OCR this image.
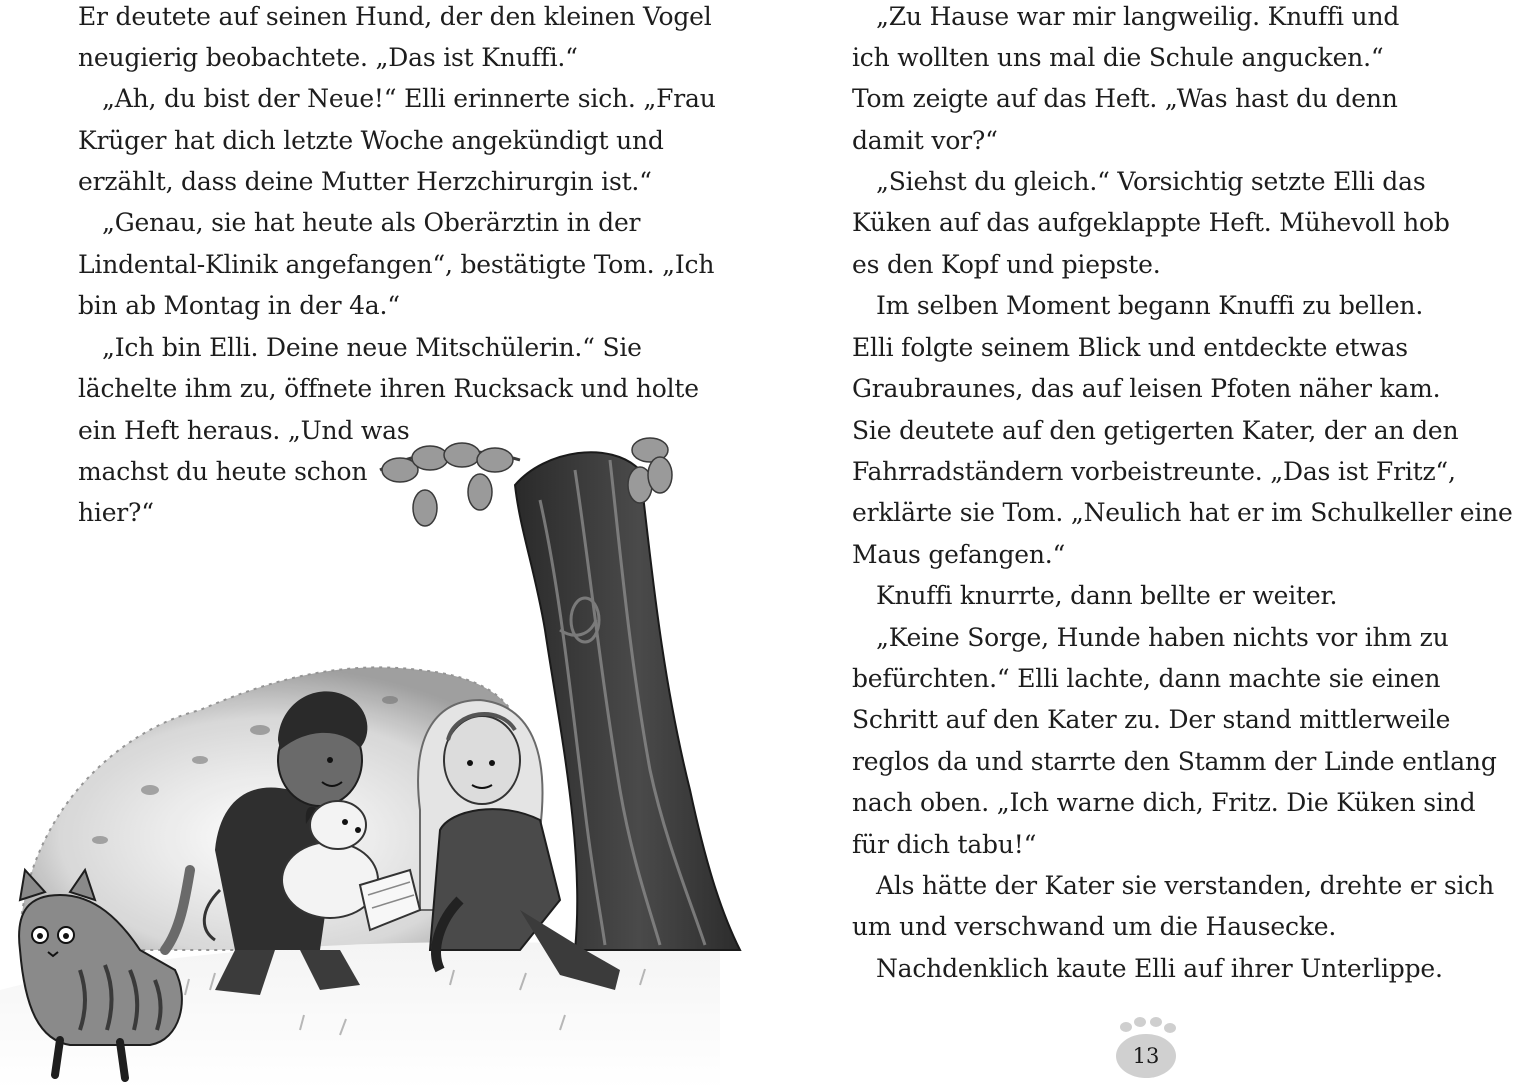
Er deutete auf seinen Hund, der den kleinen Vogel
neugierig beobachtete. „Das ist Knuffi.“
„Ah, du bist der Neue!“ Elli erinnerte sich. „Frau
Krüger hat dich letzte Woche angekündigt und
erzählt, dass deine Mutter Herzchirurgin ist.“
„Genau, sie hat heute als Oberärztin in der
Lindental-Klinik angefangen“, bestätigte Tom. „Ich
bin ab Montag in der 4a.“
„Ich bin Elli. Deine neue Mitschülerin.“ Sie
lächelte ihm zu, öffnete ihren Rucksack und holte
ein Heft heraus. „Und was
machst du heute schon
hier?“
„Zu Hause war mir langweilig. Knuffi und
ich wollten uns mal die Schule angucken.“
Tom zeigte auf das Heft. „Was hast du denn
damit vor?“
„Siehst du gleich.“ Vorsichtig setzte Elli das
Küken auf das aufgeklappte Heft. Mühevoll hob
es den Kopf und piepste.
Im selben Moment begann Knuffi zu bellen.
Elli folgte seinem Blick und entdeckte etwas
Graubraunes, das auf leisen Pfoten näher kam.
Sie deutete auf den getigerten Kater, der an den
Fahrradständern vorbeistreunte. „Das ist Fritz“,
erklärte sie Tom. „Neulich hat er im Schulkeller eine
Maus gefangen.“
Knuffi knurrte, dann bellte er weiter.
„Keine Sorge, Hunde haben nichts vor ihm zu
befürchten.“ Elli lachte, dann machte sie einen
Schritt auf den Kater zu. Der stand mittlerweile
reglos da und starrte den Stamm der Linde entlang
nach oben. „Ich warne dich, Fritz. Die Küken sind
für dich tabu!“
Als hätte der Kater sie verstanden, drehte er sich
um und verschwand um die Hausecke.
Nachdenklich kaute Elli auf ihrer Unterlippe.
13
